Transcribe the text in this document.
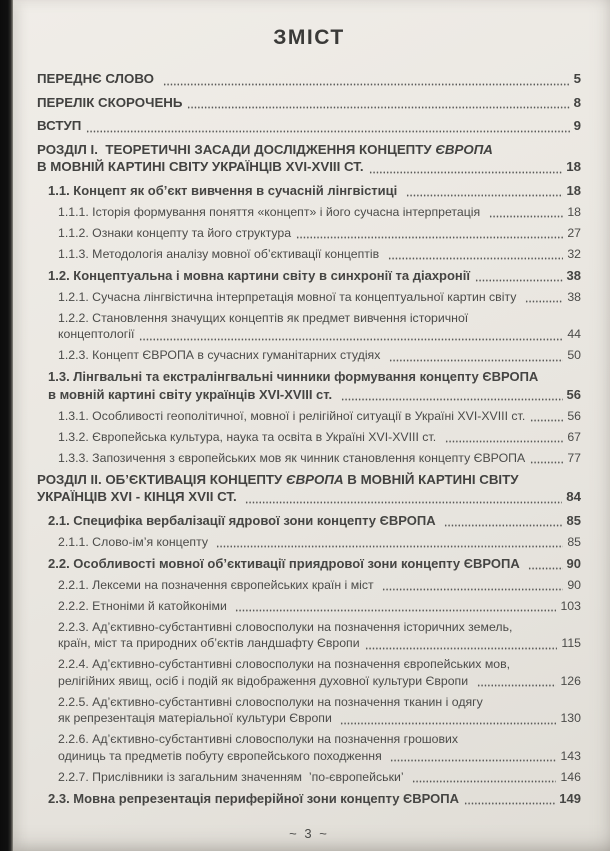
ЗМІСТ
ПЕРЕДНЄ СЛОВО	5
ПЕРЕЛІК СКОРОЧЕНЬ	8
ВСТУП	9
РОЗДІЛ І.  ТЕОРЕТИЧНІ ЗАСАДИ ДОСЛІДЖЕННЯ КОНЦЕПТУ ЄВРОПА
В МОВНІЙ КАРТИНІ СВІТУ УКРАЇНЦІВ XVI-XVIII СТ.	18
1.1. Концепт як об’єкт вивчення в сучасній лінгвістиці	18
1.1.1. Історія формування поняття «концепт» і його сучасна інтерпретація	18
1.1.2. Ознаки концепту та його структура	27
1.1.3. Методологія аналізу мовної об’єктивації концептів	32
1.2. Концептуальна і мовна картини світу в синхронії та діахронії	38
1.2.1. Сучасна лінгвістична інтерпретація мовної та концептуальної картин світу	38
1.2.2. Становлення значущих концептів як предмет вивчення історичної
концептології	44
1.2.3. Концепт ЄВРОПА в сучасних гуманітарних студіях	50
1.3. Лінгвальні та екстралінгвальні чинники формування концепту ЄВРОПА
в мовній картині світу українців XVI-XVIII ст.	56
1.3.1. Особливості геополітичної, мовної і релігійної ситуації в Україні XVI-XVIII ст.	56
1.3.2. Європейська культура, наука та освіта в Україні XVI-XVIII ст.	67
1.3.3. Запозичення з європейських мов як чинник становлення концепту ЄВРОПА	77
РОЗДІЛ ІІ. ОБ’ЄКТИВАЦІЯ КОНЦЕПТУ ЄВРОПА В МОВНІЙ КАРТИНІ СВІТУ
УКРАЇНЦІВ XVI - КІНЦЯ XVII СТ.	84
2.1. Специфіка вербалізації ядрової зони концепту ЄВРОПА	85
2.1.1. Слово-ім’я концепту	85
2.2. Особливості мовної об’єктивації приядрової зони концепту ЄВРОПА	90
2.2.1. Лексеми на позначення європейських країн і міст	90
2.2.2. Етноніми й катойконіми	103
2.2.3. Ад’єктивно-субстантивні словосполуки на позначення історичних земель,
країн, міст та природних об’єктів ландшафту Європи	115
2.2.4. Ад’єктивно-субстантивні словосполуки на позначення європейських мов,
релігійних явищ, осіб і подій як відображення духовної культури Європи	126
2.2.5. Ад’єктивно-субстантивні словосполуки на позначення тканин і одягу
як репрезентація матеріальної культури Європи	130
2.2.6. Ад’єктивно-субстантивні словосполуки на позначення грошових
одиниць та предметів побуту європейського походження	143
2.2.7. Прислівники із загальним значенням  ’по-європейськи’	146
2.3. Мовна репрезентація периферійної зони концепту ЄВРОПА	149
~ 3 ~
